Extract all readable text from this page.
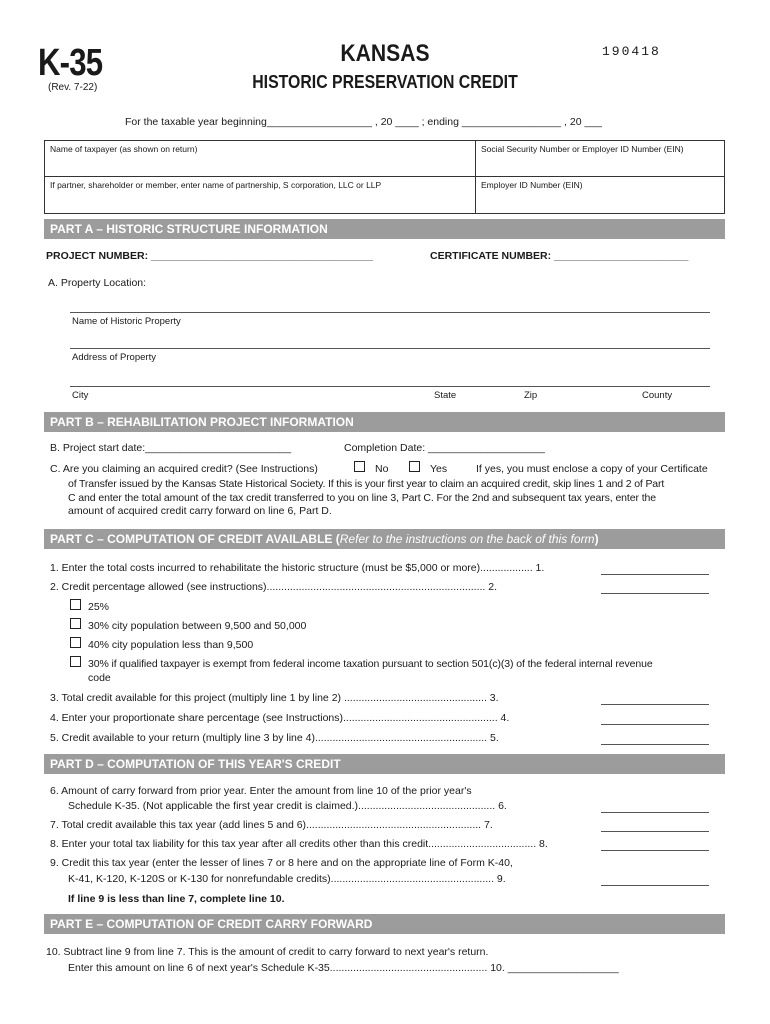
K-35
(Rev. 7-22)
KANSAS
HISTORIC PRESERVATION CREDIT
190418
For the taxable year beginning__________________ , 20 ____ ; ending _________________ , 20 ___
Name of taxpayer (as shown on return)	Social Security Number or Employer ID Number (EIN)
If partner, shareholder or member, enter name of partnership, S corporation, LLC or LLP	Employer ID Number (EIN)
PART A – HISTORIC STRUCTURE INFORMATION
PROJECT NUMBER: ______________________________________	CERTIFICATE NUMBER: _______________________
A. Property Location:
Name of Historic Property
Address of Property
City	State	Zip	County
PART B – REHABILITATION PROJECT INFORMATION
B. Project start date:_________________________	Completion Date: ____________________
C. Are you claiming an acquired credit? (See Instructions)	No	Yes	If yes, you must enclose a copy of your Certificate
of Transfer issued by the Kansas State Historical Society. If this is your first year to claim an acquired credit, skip lines 1 and 2 of Part
C and enter the total amount of the tax credit transferred to you on line 3, Part C. For the 2nd and subsequent tax years, enter the
amount of acquired credit carry forward on line 6, Part D.
PART C – COMPUTATION OF CREDIT AVAILABLE (Refer to the instructions on the back of this form)
1. Enter the total costs incurred to rehabilitate the historic structure (must be $5,000 or more).................. 1.
2. Credit percentage allowed (see instructions)........................................................................... 2.
25%
30% city population between 9,500 and 50,000
40% city population less than 9,500
30% if qualified taxpayer is exempt from federal income taxation pursuant to section 501(c)(3) of the federal internal revenue
code
3. Total credit available for this project (multiply line 1 by line 2) ................................................. 3.
4. Enter your proportionate share percentage (see Instructions)..................................................... 4.
5. Credit available to your return (multiply line 3 by line 4)........................................................... 5.
PART D – COMPUTATION OF THIS YEAR'S CREDIT
6. Amount of carry forward from prior year. Enter the amount from line 10 of the prior year's
Schedule K-35. (Not applicable the first year credit is claimed.)............................................... 6.
7. Total credit available this tax year (add lines 5 and 6)............................................................ 7.
8. Enter your total tax liability for this tax year after all credits other than this credit..................................... 8.
9. Credit this tax year (enter the lesser of lines 7 or 8 here and on the appropriate line of Form K-40,
K-41, K-120, K-120S or K-130 for nonrefundable credits)........................................................ 9.
If line 9 is less than line 7, complete line 10.
PART E – COMPUTATION OF CREDIT CARRY FORWARD
10. Subtract line 9 from line 7. This is the amount of credit to carry forward to next year's return.
Enter this amount on line 6 of next year's Schedule K-35...................................................... 10. ___________________
